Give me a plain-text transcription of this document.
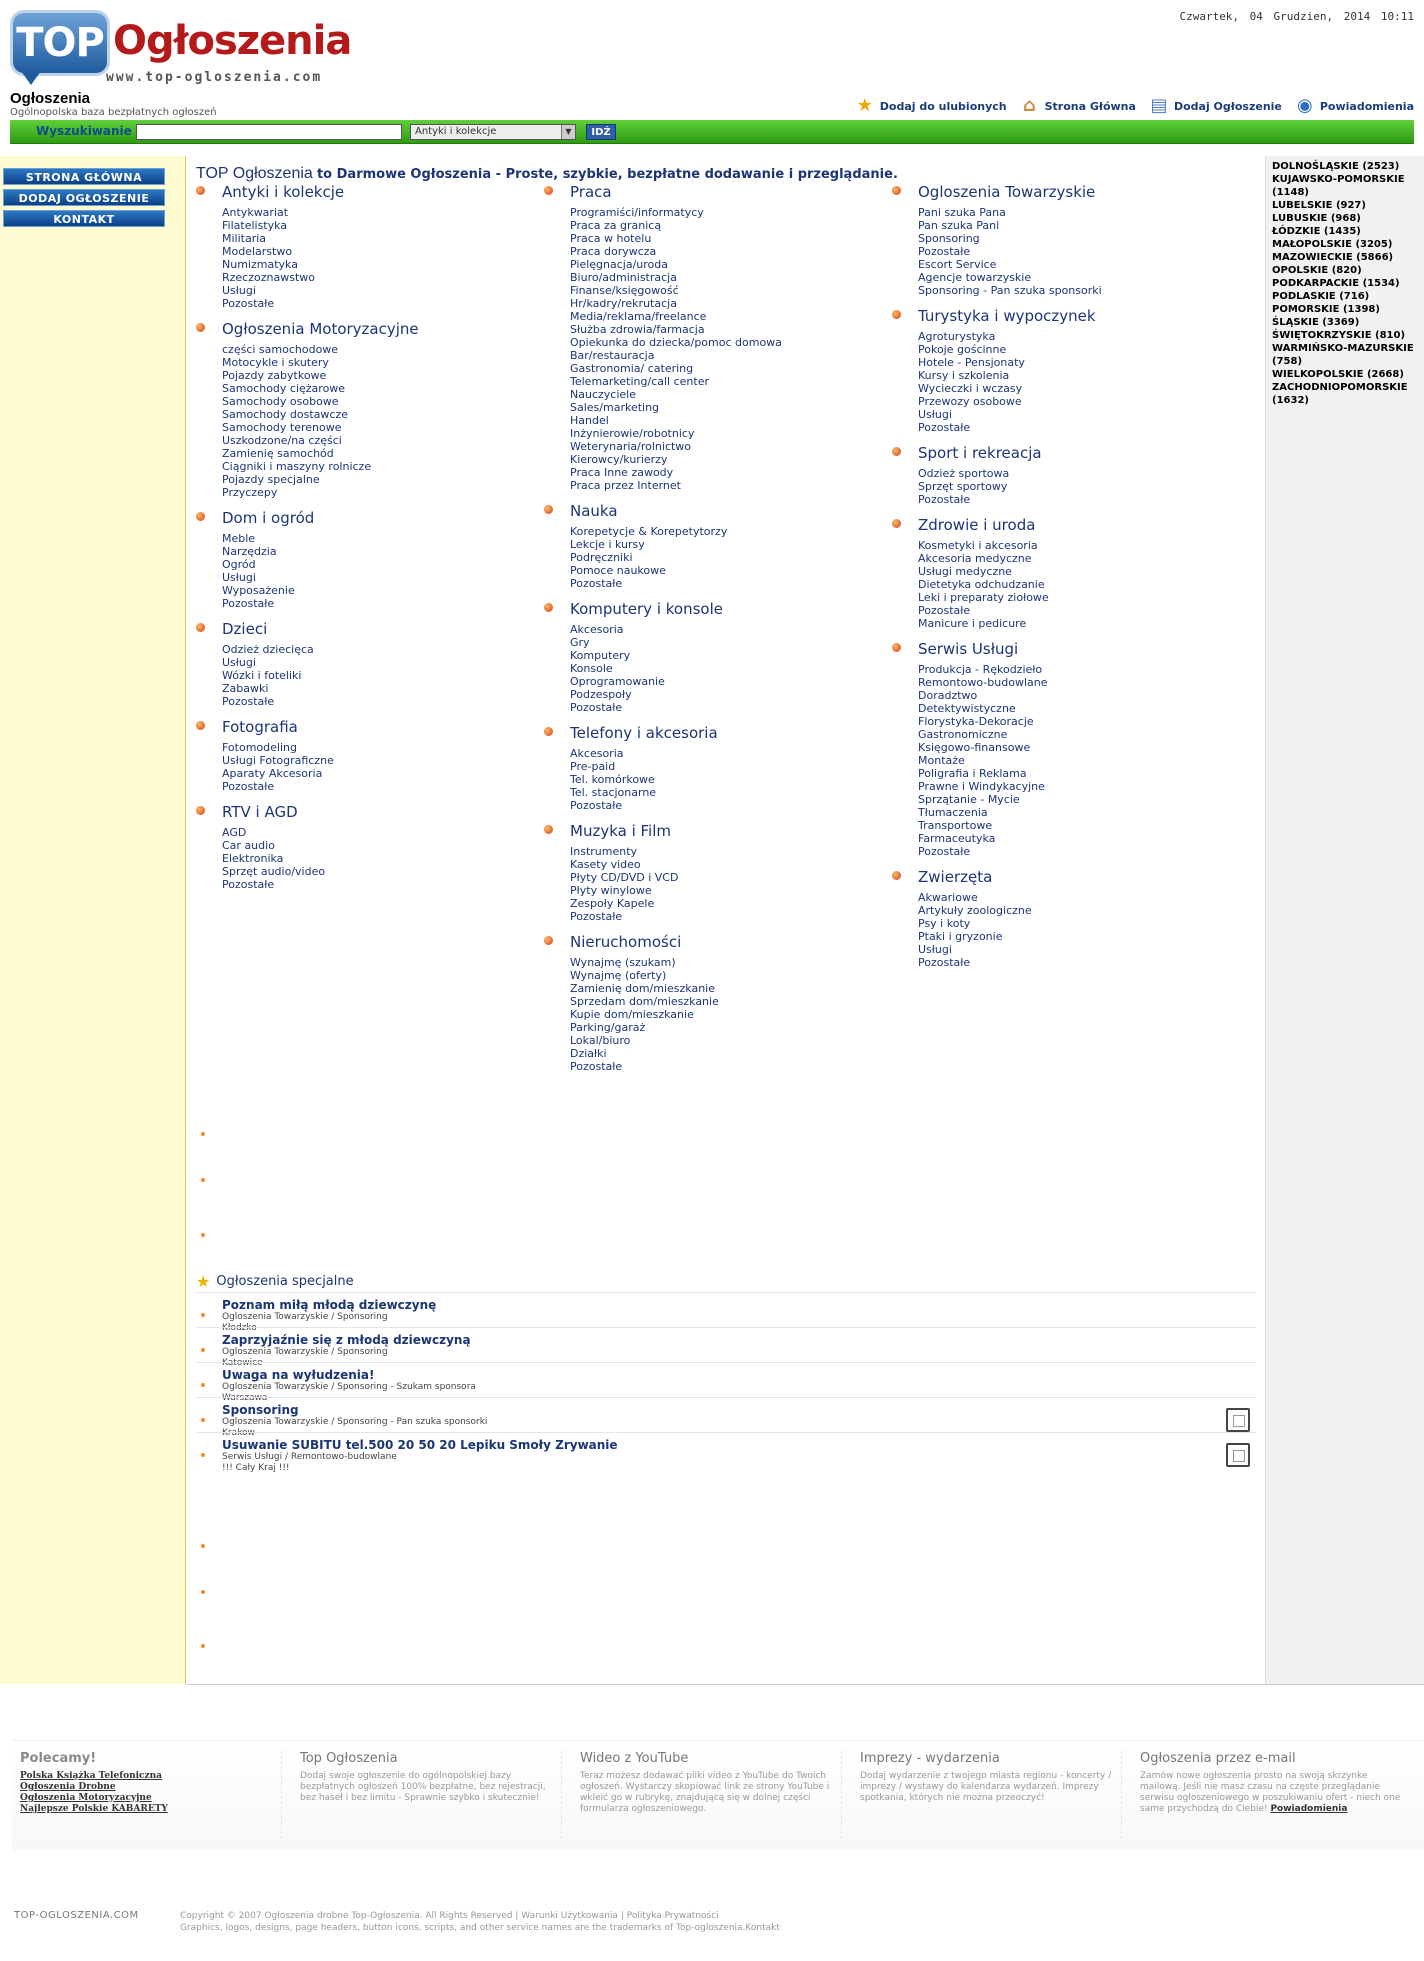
TOP Ogłoszenia
www.top-ogloszenia.com
Czwartek, 04 Grudzien, 2014 10:11
Ogłoszenia
Ogólnopolska baza bezpłatnych ogłoszeń	★ Dodaj do ulubionych ⌂ Strona Główna ▤ Dodaj Ogłoszenie ◉ Powiadomienia
Wyszukiwanie	Antyki i kolekcje	▼	IDŹ
STRONA GŁÓWNA
DODAJ OGŁOSZENIE
KONTAKT
DOLNOŚLĄSKIE (2523)
KUJAWSKO-POMORSKIE (1148)
LUBELSKIE (927)
LUBUSKIE (968)
ŁÓDZKIE (1435)
MAŁOPOLSKIE (3205)
MAZOWIECKIE (5866)
OPOLSKIE (820)
PODKARPACKIE (1534)
PODLASKIE (716)
POMORSKIE (1398)
ŚLĄSKIE (3369)
ŚWIĘTOKRZYSKIE (810)
WARMIŃSKO-MAZURSKIE (758)
WIELKOPOLSKIE (2668)
ZACHODNIOPOMORSKIE (1632)
TOP Ogłoszenia to Darmowe Ogłoszenia - Proste, szybkie, bezpłatne dodawanie i przeglądanie.
Antyki i kolekcje
Antykwariat
Filatelistyka
Militaria
Modelarstwo
Numizmatyka
Rzeczoznawstwo
Usługi
Pozostałe
Ogłoszenia Motoryzacyjne
części samochodowe
Motocykle i skutery
Pojazdy zabytkowe
Samochody ciężarowe
Samochody osobowe
Samochody dostawcze
Samochody terenowe
Uszkodzone/na części
Zamienię samochód
Ciągniki i maszyny rolnicze
Pojazdy specjalne
Przyczepy
Dom i ogród
Meble
Narzędzia
Ogród
Usługi
Wyposażenie
Pozostałe
Dzieci
Odzież dziecięca
Usługi
Wózki i foteliki
Zabawki
Pozostałe
Fotografia
Fotomodeling
Usługi Fotograficzne
Aparaty Akcesoria
Pozostałe
RTV i AGD
AGD
Car audio
Elektronika
Sprzęt audio/video
Pozostałe
Praca
Programiści/informatycy
Praca za granicą
Praca w hotelu
Praca dorywcza
Pielęgnacja/uroda
Biuro/administracja
Finanse/księgowość
Hr/kadry/rekrutacja
Media/reklama/freelance
Służba zdrowia/farmacja
Opiekunka do dziecka/pomoc domowa
Bar/restauracja
Gastronomia/ catering
Telemarketing/call center
Nauczyciele
Sales/marketing
Handel
Inżynierowie/robotnicy
Weterynaria/rolnictwo
Kierowcy/kurierzy
Praca Inne zawody
Praca przez Internet
Nauka
Korepetycje & Korepetytorzy
Lekcje i kursy
Podręczniki
Pomoce naukowe
Pozostałe
Komputery i konsole
Akcesoria
Gry
Komputery
Konsole
Oprogramowanie
Podzespoły
Pozostałe
Telefony i akcesoria
Akcesoria
Pre-paid
Tel. komórkowe
Tel. stacjonarne
Pozostałe
Muzyka i Film
Instrumenty
Kasety video
Płyty CD/DVD i VCD
Płyty winylowe
Zespoły Kapele
Pozostałe
Nieruchomości
Wynajmę (szukam)
Wynajmę (oferty)
Zamienię dom/mieszkanie
Sprzedam dom/mieszkanie
Kupie dom/mieszkanie
Parking/garaż
Lokal/biuro
Działki
Pozostałe
Ogloszenia Towarzyskie
Pani szuka Pana
Pan szuka Pani
Sponsoring
Pozostałe
Escort Service
Agencje towarzyskie
Sponsoring - Pan szuka sponsorki
Turystyka i wypoczynek
Agroturystyka
Pokoje gościnne
Hotele - Pensjonaty
Kursy i szkolenia
Wycieczki i wczasy
Przewozy osobowe
Usługi
Pozostałe
Sport i rekreacja
Odzież sportowa
Sprzęt sportowy
Pozostałe
Zdrowie i uroda
Kosmetyki i akcesoria
Akcesoria medyczne
Usługi medyczne
Dietetyka odchudzanie
Leki i preparaty ziołowe
Pozostałe
Manicure i pedicure
Serwis Usługi
Produkcja - Rękodzieło
Remontowo-budowlane
Doradztwo
Detektywistyczne
Florystyka-Dekoracje
Gastronomiczne
Księgowo-finansowe
Montaże
Poligrafia i Reklama
Prawne i Windykacyjne
Sprzątanie - Mycie
Tłumaczenia
Transportowe
Farmaceutyka
Pozostałe
Zwierzęta
Akwariowe
Artykuły zoologiczne
Psy i koty
Ptaki i gryzonie
Usługi
Pozostałe
★ Ogłoszenia specjalne
Poznam miłą młodą dziewczynę
Ogloszenia Towarzyskie / Sponsoring
Kłodzko
Zaprzyjaźnie się z młodą dziewczyną
Ogloszenia Towarzyskie / Sponsoring
Katowice
Uwaga na wyłudzenia!
Ogloszenia Towarzyskie / Sponsoring - Szukam sponsora
Warszawa
Sponsoring
Ogloszenia Towarzyskie / Sponsoring - Pan szuka sponsorki
Krakow
Usuwanie SUBITU tel.500 20 50 20 Lepiku Smoły Zrywanie
Serwis Usługi / Remontowo-budowlane
!!! Cały Kraj !!!
Polecamy!
Polska Książka Telefoniczna
Ogłoszenia Drobne
Ogłoszenia Motoryzacyjne
Najlepsze Polskie KABARETY
Top Ogłoszenia
Dodaj swoje ogłoszenie do ogólnopolskiej bazy bezpłatnych ogłoszeń 100% bezpłatne, bez rejestracji, bez haseł i bez limitu - Sprawnie szybko i skutecznie!
Wideo z YouTube
Teraz możesz dodawać pliki video z YouTube do Twoich ogłoszeń. Wystarczy skopiować link ze strony YouTube i wkleić go w rubrykę, znajdującą się w dolnej części formularza ogłoszeniowego.
Imprezy - wydarzenia
Dodaj wydarzenie z twojego miasta regionu - koncerty / imprezy / wystawy do kalendarza wydarzeń. Imprezy spotkania, których nie można przeoczyć!
Ogłoszenia przez e-mail
Zamów nowe ogłoszenia prosto na swoją skrzynke mailową. Jeśli nie masz czasu na częste przeglądanie serwisu ogłoszeniowego w poszukiwaniu ofert - niech one same przychodzą do Ciebie! Powiadomienia
TOP-OGLOSZENIA.COM	Copyright © 2007 Ogłoszenia drobne Top-Ogłoszenia. All Rights Reserved | Warunki Użytkowania | Polityka Prywatności
Graphics, logos, designs, page headers, button icons, scripts, and other service names are the trademarks of Top-ogloszenia.Kontakt
